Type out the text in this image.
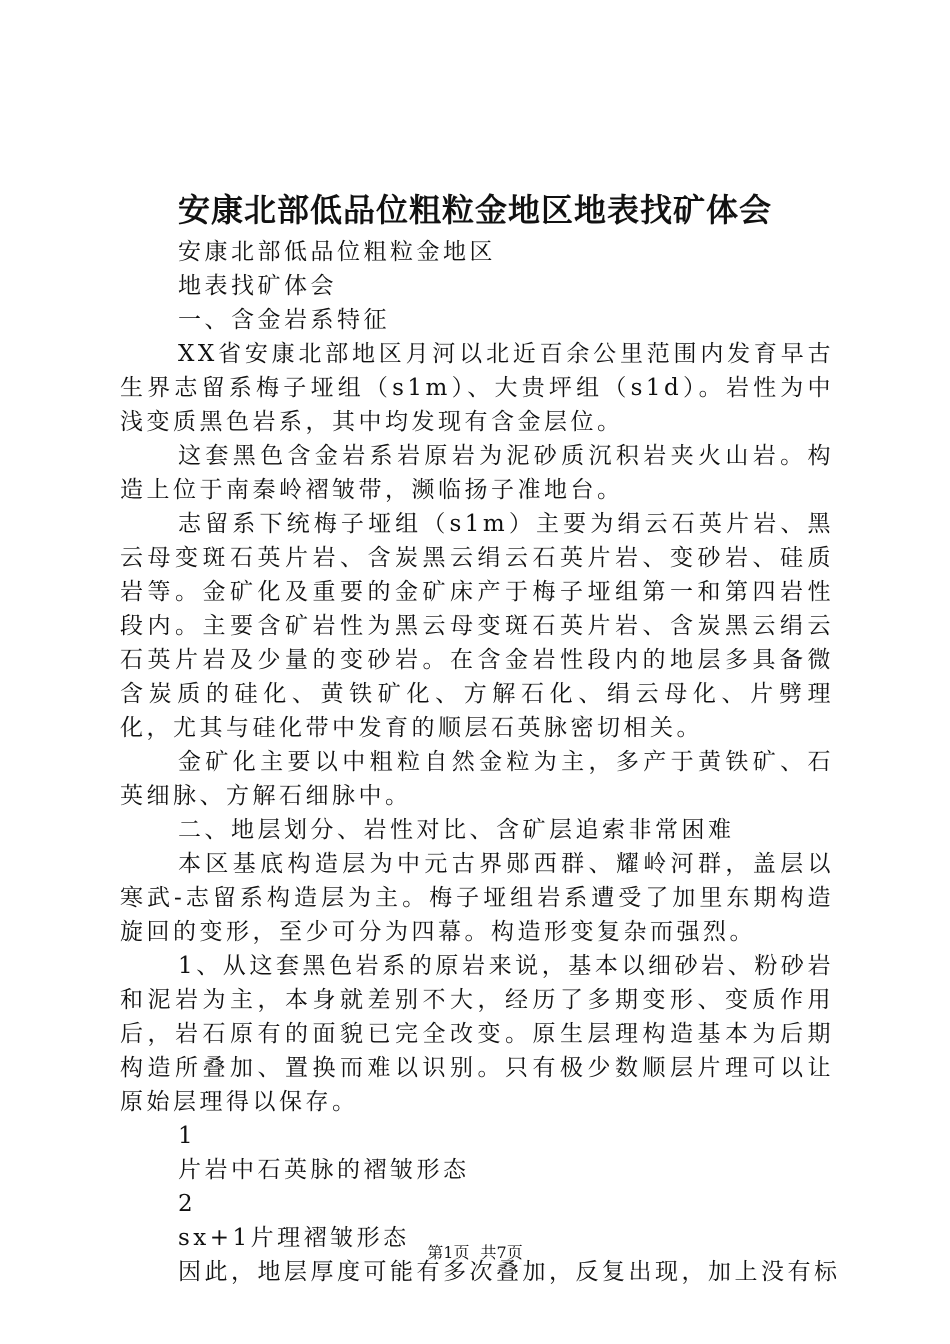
安康北部低品位粗粒金地区地表找矿体会

安康北部低品位粗粒金地区

地表找矿体会

一、含金岩系特征

XX省安康北部地区月河以北近百余公里范围内发育早古生界志留系梅子垭组（s1m）、大贵坪组（s1d）。岩性为中浅变质黑色岩系，其中均发现有含金层位。

这套黑色含金岩系岩原岩为泥砂质沉积岩夹火山岩。构造上位于南秦岭褶皱带，濒临扬子准地台。

志留系下统梅子垭组（s1m）主要为绢云石英片岩、黑云母变斑石英片岩、含炭黑云绢云石英片岩、变砂岩、硅质岩等。金矿化及重要的金矿床产于梅子垭组第一和第四岩性段内。主要含矿岩性为黑云母变斑石英片岩、含炭黑云绢云石英片岩及少量的变砂岩。在含金岩性段内的地层多具备微含炭质的硅化、黄铁矿化、方解石化、绢云母化、片劈理化，尤其与硅化带中发育的顺层石英脉密切相关。

金矿化主要以中粗粒自然金粒为主，多产于黄铁矿、石英细脉、方解石细脉中。

二、地层划分、岩性对比、含矿层追索非常困难

本区基底构造层为中元古界郧西群、耀岭河群，盖层以寒武-志留系构造层为主。梅子垭组岩系遭受了加里东期构造旋回的变形，至少可分为四幕。构造形变复杂而强烈。

1、从这套黑色岩系的原岩来说，基本以细砂岩、粉砂岩和泥岩为主，本身就差别不大，经历了多期变形、变质作用后，岩石原有的面貌已完全改变。原生层理构造基本为后期构造所叠加、置换而难以识别。只有极少数顺层片理可以让原始层理得以保存。

1

片岩中石英脉的褶皱形态

2

sx+1片理褶皱形态

因此，地层厚度可能有多次叠加，反复出现，加上没有标

第1页 共7页
